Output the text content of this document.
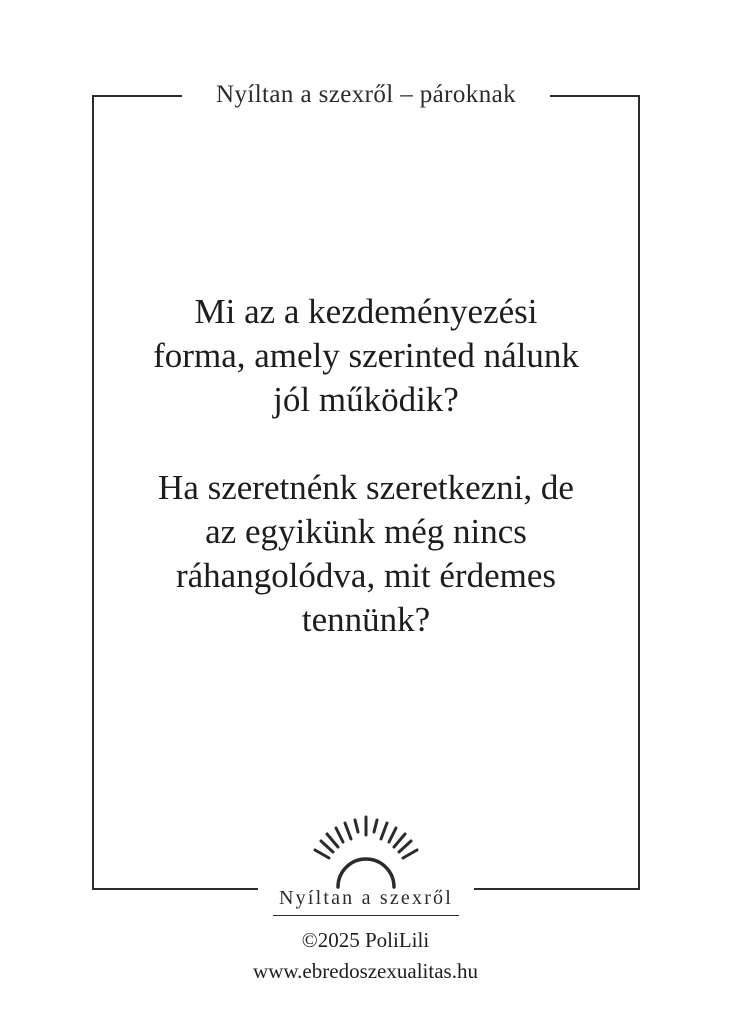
Nyíltan a szexről – pároknak

Mi az a kezdeményezési forma, amely szerinted nálunk jól működik?

Ha szeretnénk szeretkezni, de az egyikünk még nincs ráhangolódva, mit érdemes tennünk?

Nyíltan a szexről
©2025 PoliLili
www.ebredoszexualitas.hu
